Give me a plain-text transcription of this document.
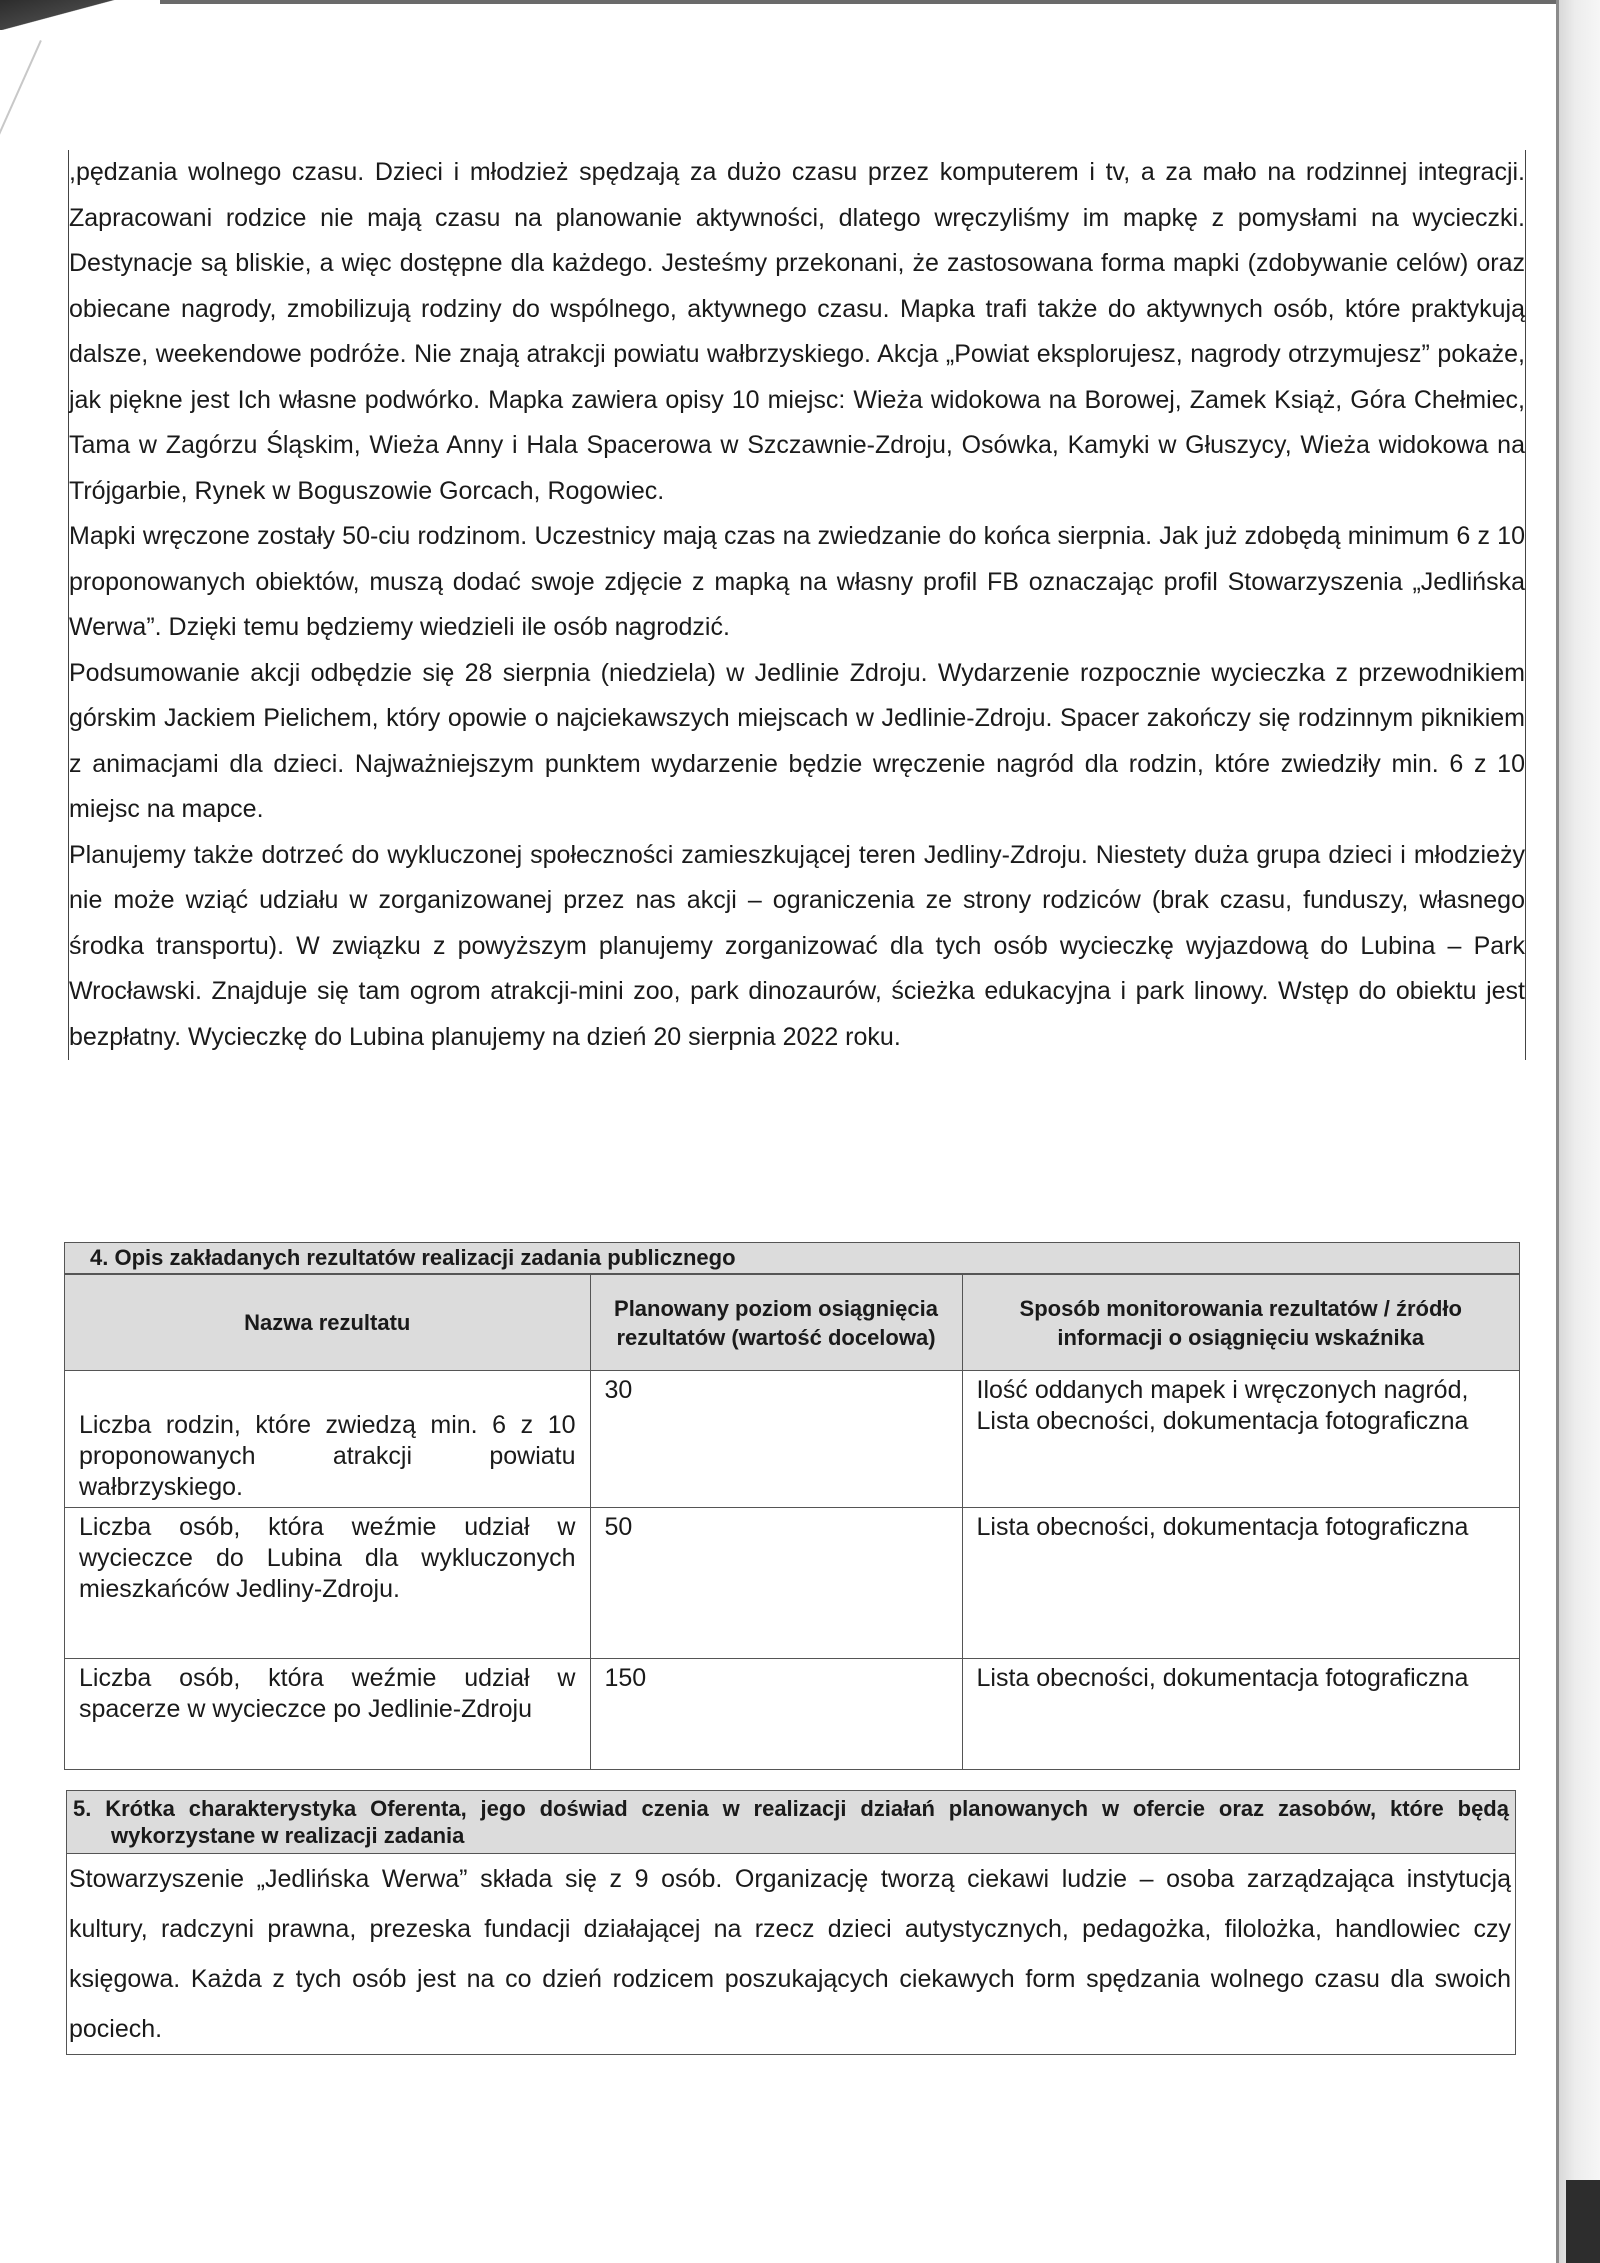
,pędzania wolnego czasu. Dzieci i młodzież spędzają za dużo czasu przez komputerem i tv, a za mało na rodzinnej integracji. Zapracowani rodzice nie mają czasu na planowanie aktywności, dlatego wręczyliśmy im mapkę z pomysłami na wycieczki. Destynacje są bliskie, a więc dostępne dla każdego. Jesteśmy przekonani, że zastosowana forma mapki (zdobywanie celów) oraz obiecane nagrody, zmobilizują rodziny do wspólnego, aktywnego czasu. Mapka trafi także do aktywnych osób, które praktykują dalsze, weekendowe podróże. Nie znają atrakcji powiatu wałbrzyskiego. Akcja „Powiat eksplorujesz, nagrody otrzymujesz” pokaże, jak piękne jest Ich własne podwórko. Mapka zawiera opisy 10 miejsc: Wieża widokowa na Borowej, Zamek Książ, Góra Chełmiec, Tama w Zagórzu Śląskim, Wieża Anny i Hala Spacerowa w Szczawnie-Zdroju, Osówka, Kamyki w Głuszycy, Wieża widokowa na Trójgarbie, Rynek w Boguszowie Gorcach, Rogowiec.

Mapki wręczone zostały 50-ciu rodzinom. Uczestnicy mają czas na zwiedzanie do końca sierpnia. Jak już zdobędą minimum 6 z 10 proponowanych obiektów, muszą dodać swoje zdjęcie z mapką na własny profil FB oznaczając profil Stowarzyszenia „Jedlińska Werwa”. Dzięki temu będziemy wiedzieli ile osób nagrodzić.

Podsumowanie akcji odbędzie się 28 sierpnia (niedziela) w Jedlinie Zdroju. Wydarzenie rozpocznie wycieczka z przewodnikiem górskim Jackiem Pielichem, który opowie o najciekawszych miejscach w Jedlinie-Zdroju. Spacer zakończy się rodzinnym piknikiem z animacjami dla dzieci. Najważniejszym punktem wydarzenie będzie wręczenie nagród dla rodzin, które zwiedziły min. 6 z 10 miejsc na mapce.

Planujemy także dotrzeć do wykluczonej społeczności zamieszkującej teren Jedliny-Zdroju. Niestety duża grupa dzieci i młodzieży nie może wziąć udziału w zorganizowanej przez nas akcji – ograniczenia ze strony rodziców (brak czasu, funduszy, własnego środka transportu). W związku z powyższym planujemy zorganizować dla tych osób wycieczkę wyjazdową do Lubina – Park Wrocławski. Znajduje się tam ogrom atrakcji-mini zoo, park dinozaurów, ścieżka edukacyjna i park linowy. Wstęp do obiektu jest bezpłatny. Wycieczkę do Lubina planujemy na dzień 20 sierpnia 2022 roku.

4. Opis zakładanych rezultatów realizacji zadania publicznego
Nazwa rezultatu	Planowany poziom osiągnięcia rezultatów (wartość docelowa)	Sposób monitorowania rezultatów / źródło informacji o osiągnięciu wskaźnika
Liczba rodzin, które zwiedzą min. 6 z 10 proponowanych atrakcji powiatu wałbrzyskiego.	30	Ilość oddanych mapek i wręczonych nagród, Lista obecności, dokumentacja fotograficzna
Liczba osób, która weźmie udział w wycieczce do Lubina dla wykluczonych mieszkańców Jedliny-Zdroju.	50	Lista obecności, dokumentacja fotograficzna
Liczba osób, która weźmie udział w spacerze w wycieczce po Jedlinie-Zdroju	150	Lista obecności, dokumentacja fotograficzna
5. Krótka charakterystyka Oferenta, jego doświad czenia w realizacji działań planowanych w ofercie oraz zasobów, które będą
wykorzystane w realizacji zadania

Stowarzyszenie „Jedlińska Werwa” składa się z 9 osób. Organizację tworzą ciekawi ludzie – osoba zarządzająca instytucją kultury, radczyni prawna, prezeska fundacji działającej na rzecz dzieci autystycznych, pedagożka, filolożka, handlowiec czy księgowa. Każda z tych osób jest na co dzień rodzicem poszukających ciekawych form spędzania wolnego czasu dla swoich pociech.
